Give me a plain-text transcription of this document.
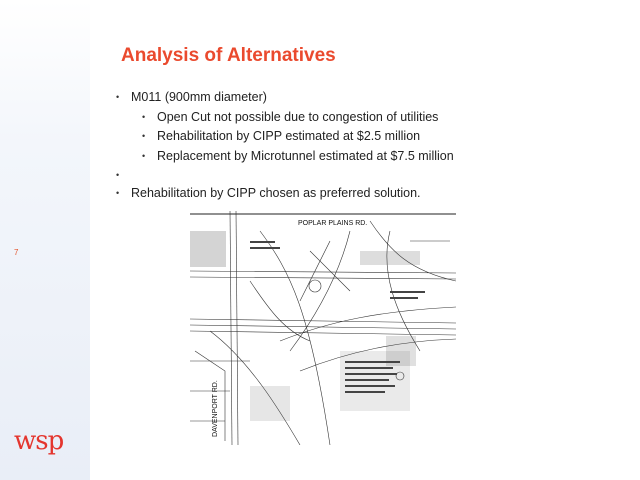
7
wsp
Analysis of Alternatives
• M011 (900mm diameter)
• Open Cut not possible due to congestion of utilities
• Rehabilitation by CIPP estimated at $2.5 million
• Replacement by Microtunnel estimated at $7.5 million
•
• Rehabilitation by CIPP chosen as preferred solution.
POPLAR PLAINS RD.
DAVENPORT RD.
